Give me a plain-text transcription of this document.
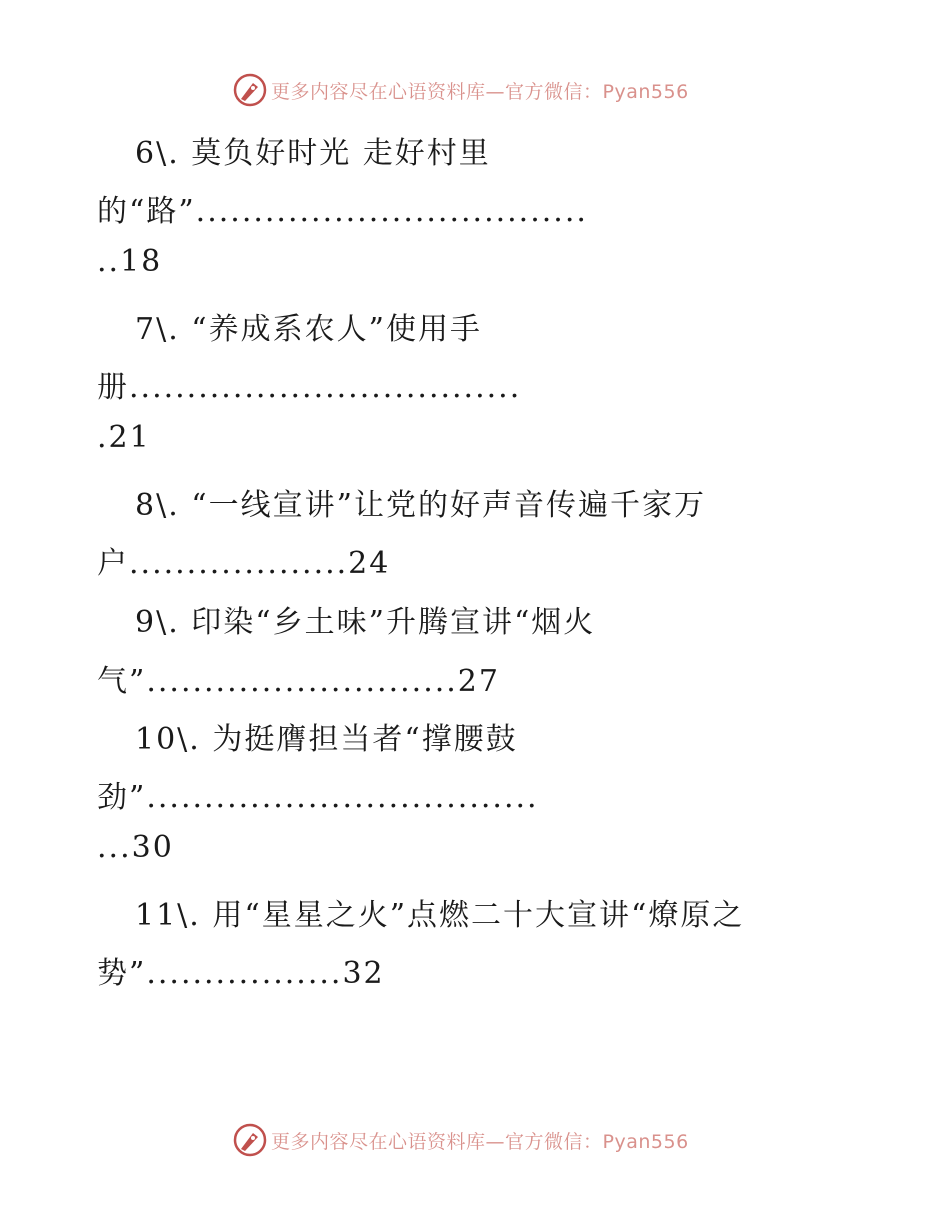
更多内容尽在心语资料库—官方微信：Pyan556
6\. 莫负好时光 走好村里
的“路”..................................
..18
7\. “养成系农人”使用手
册..................................
.21
8\. “一线宣讲”让党的好声音传遍千家万
户...................24
9\. 印染“乡土味”升腾宣讲“烟火
气”...........................27
10\. 为挺膺担当者“撑腰鼓
劲”..................................
...30
11\. 用“星星之火”点燃二十大宣讲“燎原之
势”.................32
更多内容尽在心语资料库—官方微信：Pyan556
